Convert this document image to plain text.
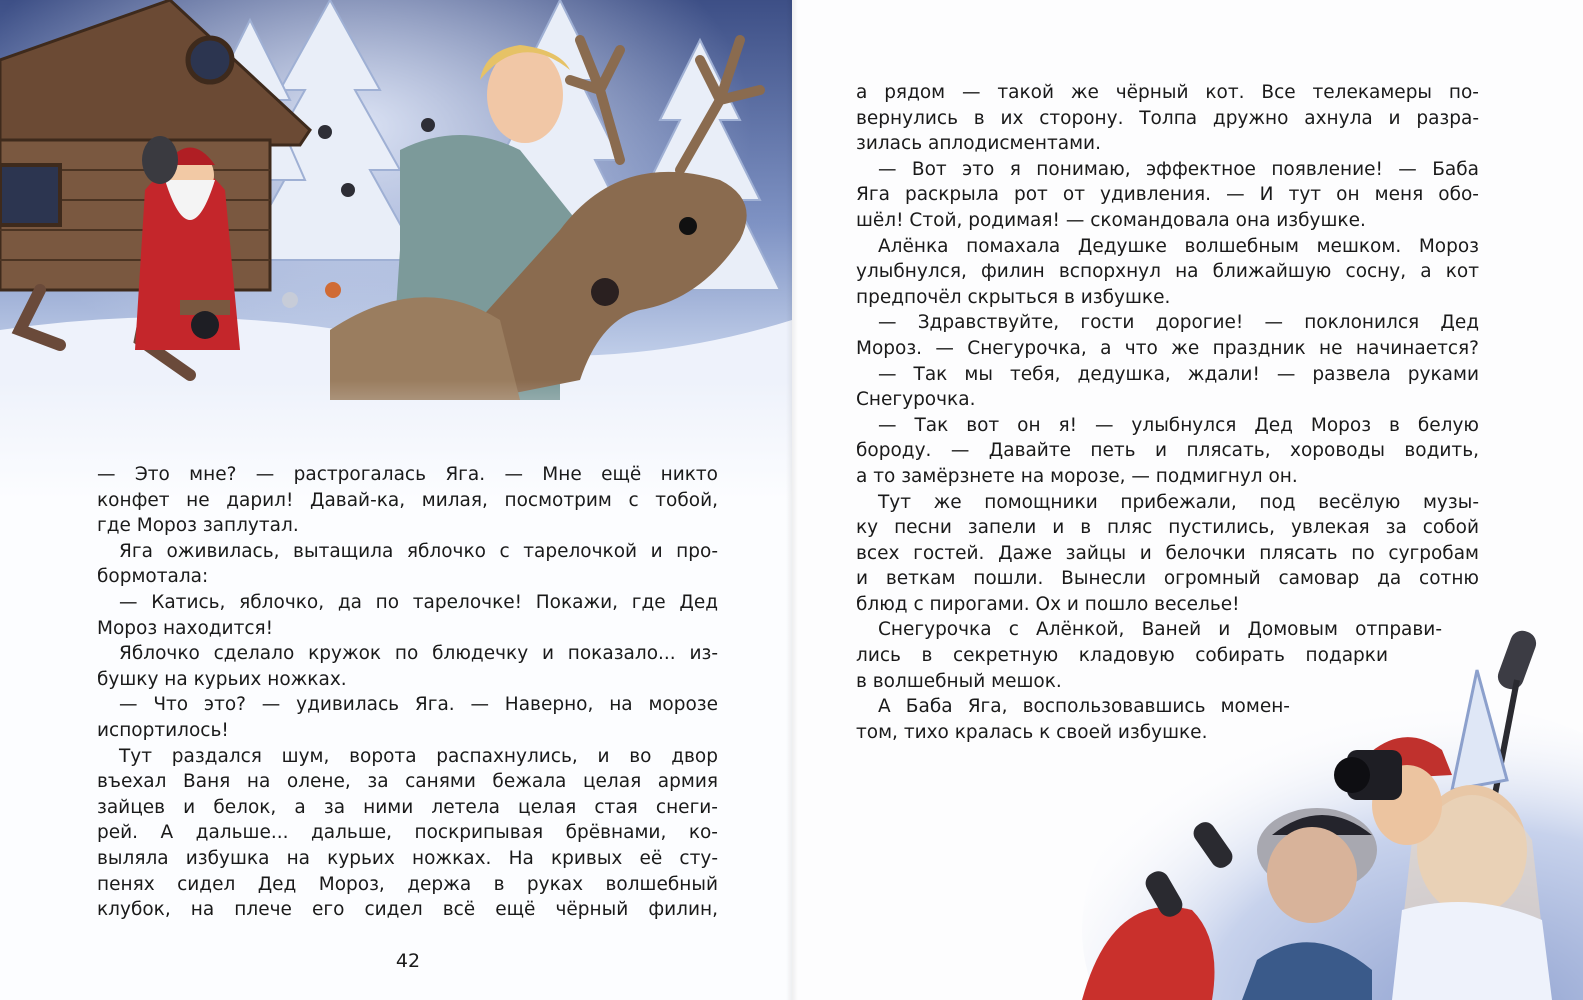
— Это мне? — растрогалась Яга. — Мне ещё никто
конфет не дарил! Давай-ка, милая, посмотрим с тобой,
где Мороз заплутал.
Яга оживилась, вытащила яблочко с тарелочкой и про-
бормотала:
— Катись, яблочко, да по тарелочке! Покажи, где Дед
Мороз находится!
Яблочко сделало кружок по блюдечку и показало... из-
бушку на курьих ножках.
— Что это? — удивилась Яга. — Наверно, на морозе
испортилось!
Тут раздался шум, ворота распахнулись, и во двор
въехал Ваня на олене, за санями бежала целая армия
зайцев и белок, а за ними летела целая стая снеги-
рей. А дальше... дальше, поскрипывая брёвнами, ко-
выляла избушка на курьих ножках. На кривых её сту-
пенях сидел Дед Мороз, держа в руках волшебный
клубок, на плече его сидел всё ещё чёрный филин,
42
а рядом — такой же чёрный кот. Все телекамеры по-
вернулись в их сторону. Толпа дружно ахнула и разра-
зилась аплодисментами.
— Вот это я понимаю, эффектное появление! — Баба
Яга раскрыла рот от удивления. — И тут он меня обо-
шёл! Стой, родимая! — скомандовала она избушке.
Алёнка помахала Дедушке волшебным мешком. Мороз
улыбнулся, филин вспорхнул на ближайшую сосну, а кот
предпочёл скрыться в избушке.
— Здравствуйте, гости дорогие! — поклонился Дед
Мороз. — Снегурочка, а что же праздник не начинается?
— Так мы тебя, дедушка, ждали! — развела руками
Снегурочка.
— Так вот он я! — улыбнулся Дед Мороз в белую
бороду. — Давайте петь и плясать, хороводы водить,
а то замёрзнете на морозе, — подмигнул он.
Тут же помощники прибежали, под весёлую музы-
ку песни запели и в пляс пустились, увлекая за собой
всех гостей. Даже зайцы и белочки плясать по сугробам
и веткам пошли. Вынесли огромный самовар да сотню
блюд с пирогами. Ох и пошло веселье!
Снегурочка с Алёнкой, Ваней и Домовым отправи-
лись в секретную кладовую собирать подарки
в волшебный мешок.
А Баба Яга, воспользовавшись момен-
том, тихо кралась к своей избушке.
